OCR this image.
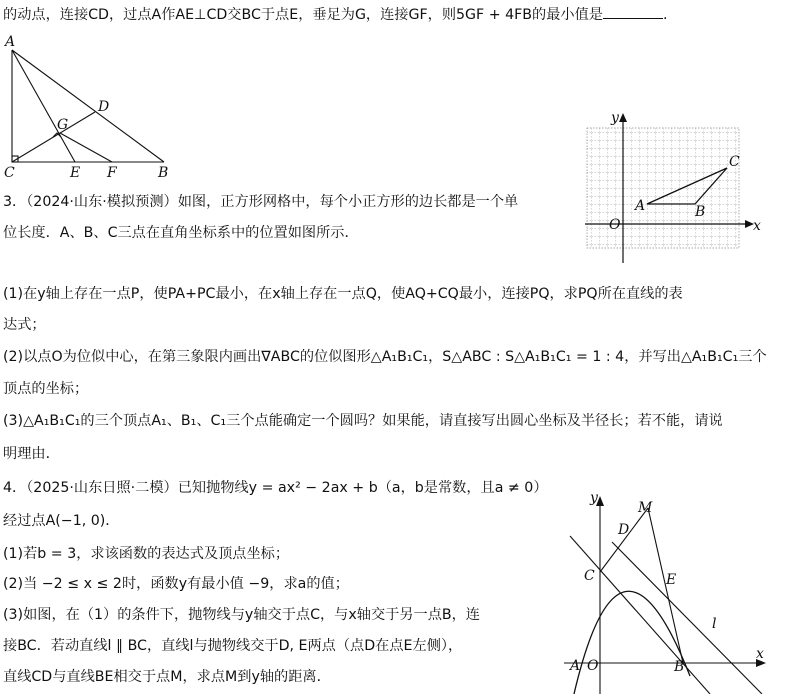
的动点，连接CD，过点A作AE⊥CD交BC于点E，垂足为G，连接GF，则5GF + 4FB的最小值是	.
A
D
G
C	E F	B
3．（2024·山东·模拟预测）如图，正方形网格中，每个小正方形的边长都是一个单
位长度．A、B、C三点在直角坐标系中的位置如图所示．
y
x
O
A	B
C
(1)在y轴上存在一点P，使PA+PC最小，在x轴上存在一点Q，使AQ+CQ最小，连接PQ，求PQ所在直线的表
达式；
(2)以点O为位似中心，在第三象限内画出∇ABC的位似图形△A₁B₁C₁，S△ABC : S△A₁B₁C₁ = 1 : 4，并写出△A₁B₁C₁三个
顶点的坐标；
(3)△A₁B₁C₁的三个顶点A₁、B₁、C₁三个点能确定一个圆吗？如果能，请直接写出圆心坐标及半径长；若不能，请说
明理由．
4．（2025·山东日照·二模）已知抛物线y = ax² − 2ax + b（a，b是常数，且a ≠ 0）
经过点A(−1, 0)．
(1)若b = 3，求该函数的表达式及顶点坐标；
(2)当 −2 ≤ x ≤ 2时，函数y有最小值 −9，求a的值；
(3)如图，在（1）的条件下，抛物线与y轴交于点C，与x轴交于另一点B，连
接BC．若动直线l ∥ BC，直线l与抛物线交于D, E两点（点D在点E左侧），
直线CD与直线BE相交于点M，求点M到y轴的距离．
y
x
M
D
C	E
l
A O	B
